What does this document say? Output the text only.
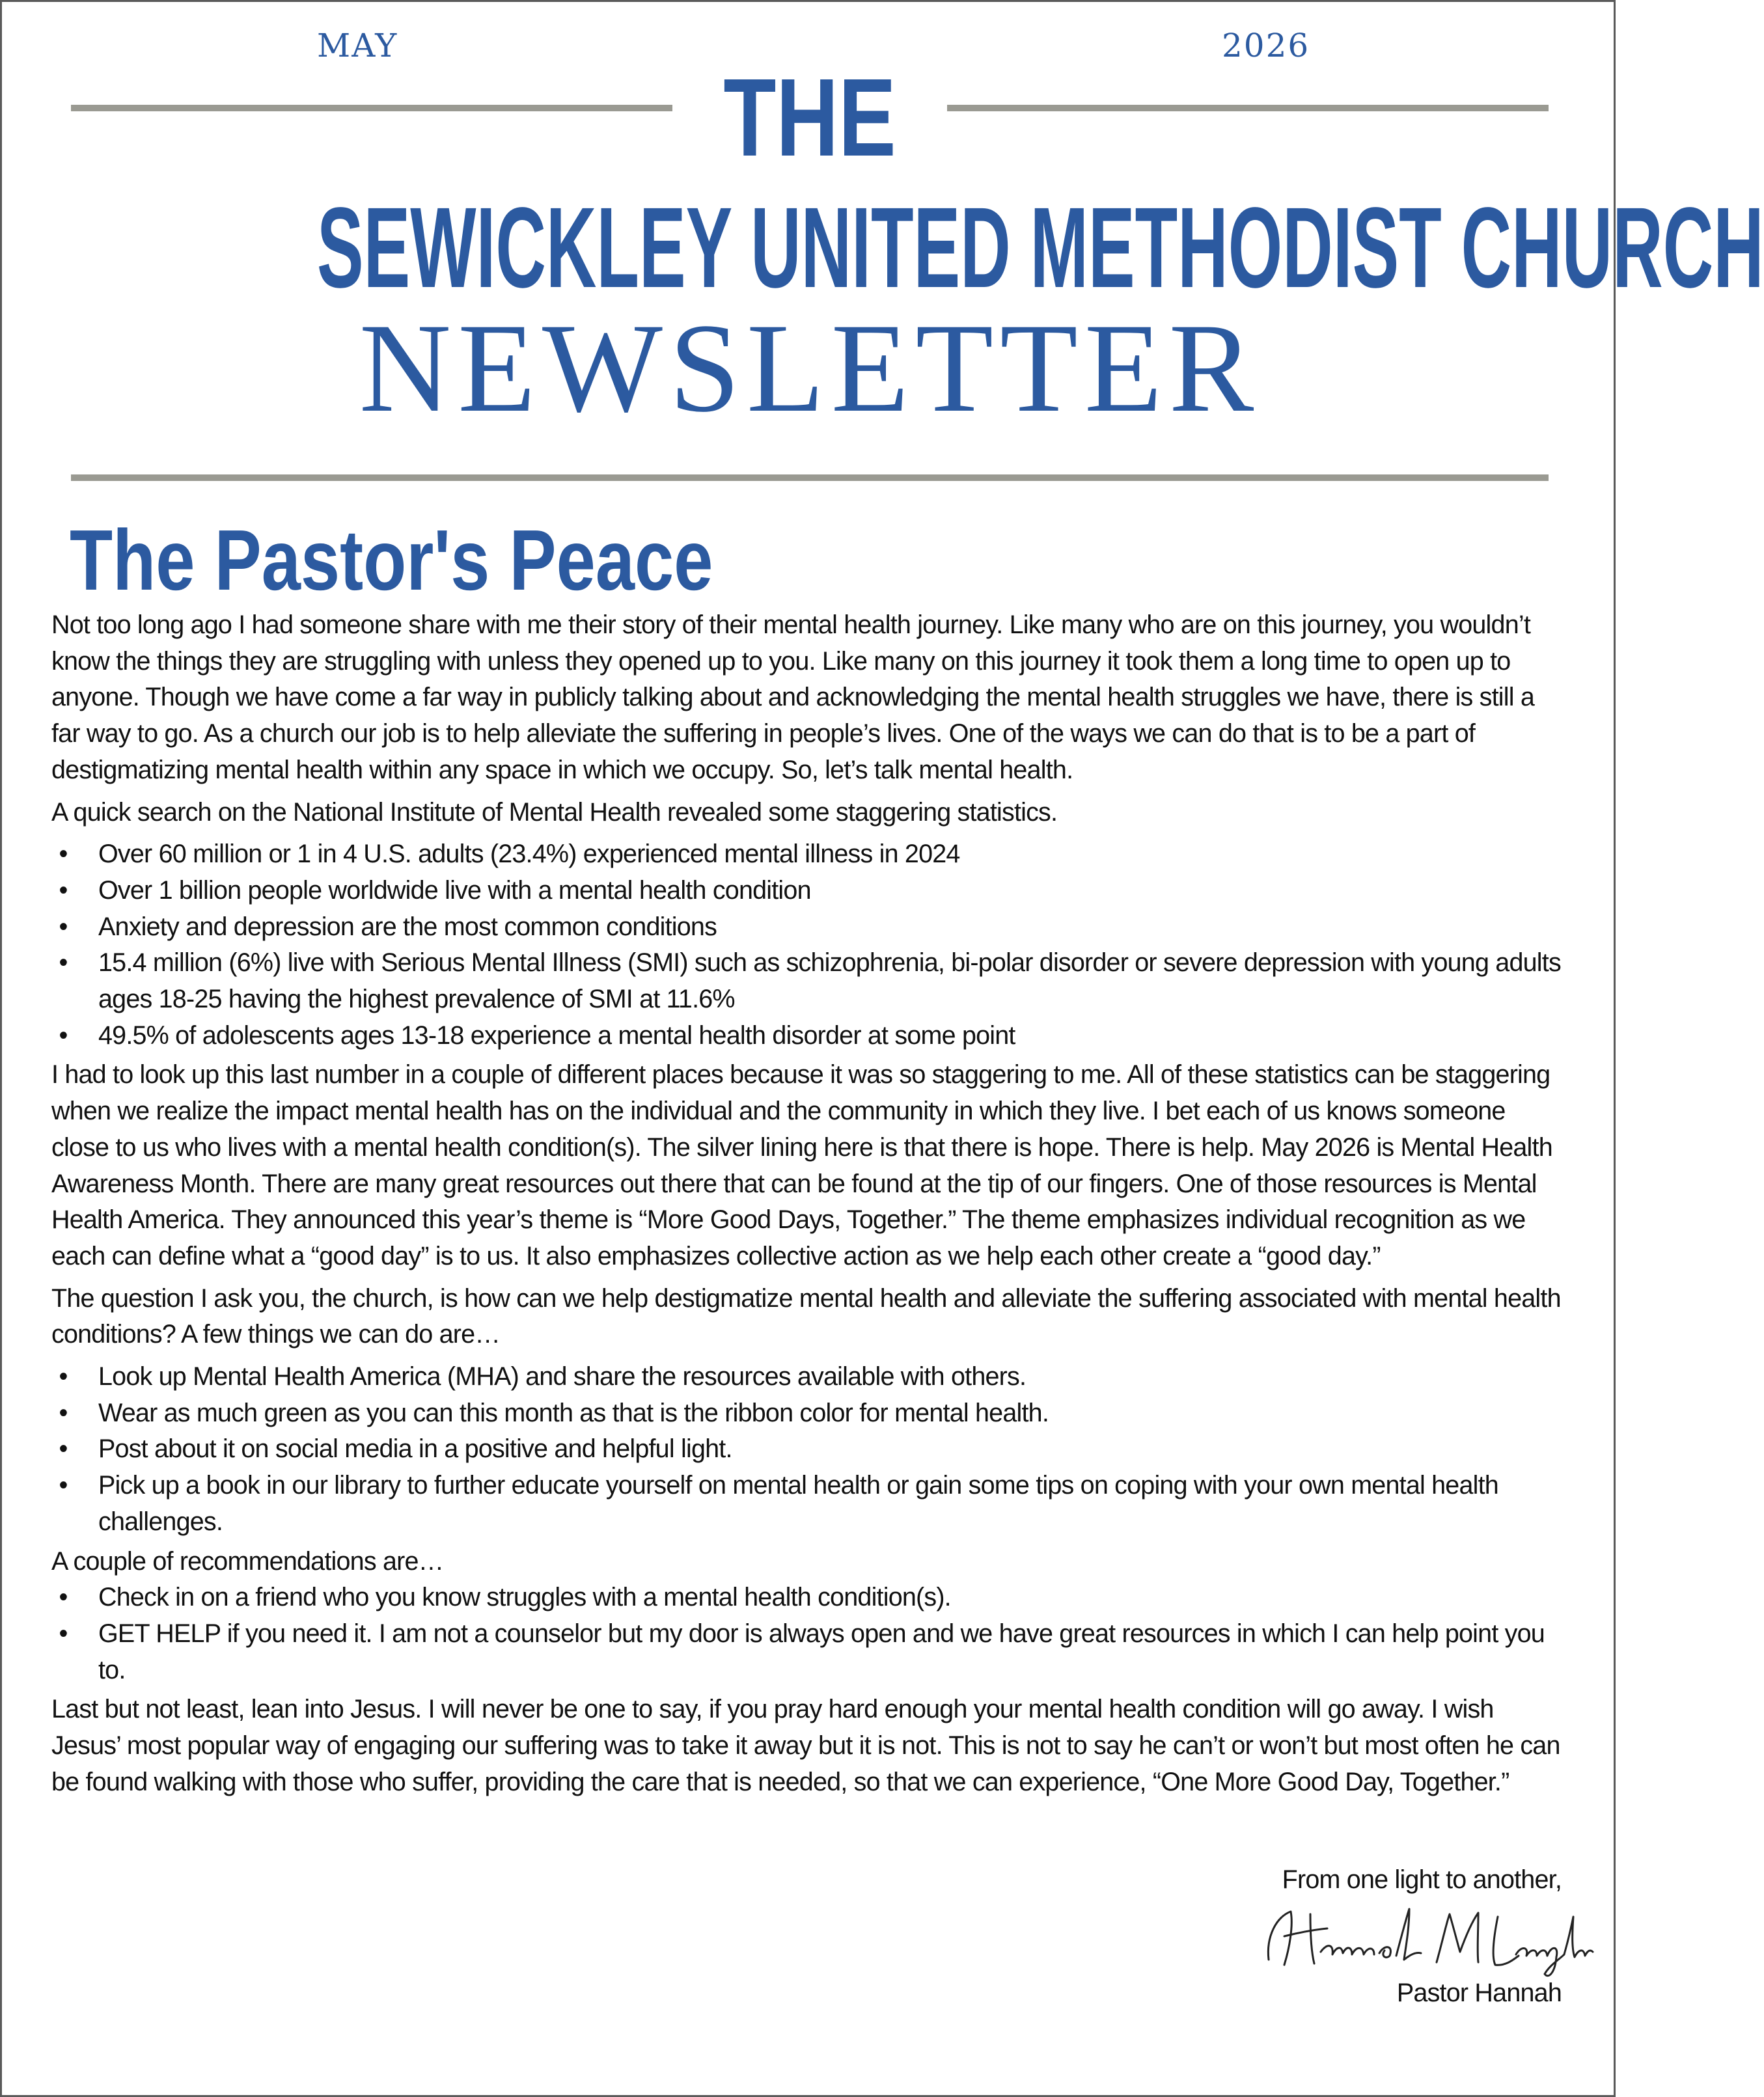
MAY	2026
THE
SEWICKLEY UNITED METHODIST CHURCH
NEWSLETTER
The Pastor's Peace

Not too long ago I had someone share with me their story of their mental health journey. Like many who are on this journey, you wouldn’t know the things they are struggling with unless they opened up to you. Like many on this journey it took them a long time to open up to anyone. Though we have come a far way in publicly talking about and acknowledging the mental health struggles we have, there is still a far way to go. As a church our job is to help alleviate the suffering in people’s lives. One of the ways we can do that is to be a part of destigmatizing mental health within any space in which we occupy. So, let’s talk mental health.

A quick search on the National Institute of Mental Health revealed some staggering statistics.

• Over 60 million or 1 in 4 U.S. adults (23.4%) experienced mental illness in 2024
• Over 1 billion people worldwide live with a mental health condition
• Anxiety and depression are the most common conditions
• 15.4 million (6%) live with Serious Mental Illness (SMI) such as schizophrenia, bi-polar disorder or severe depression with young adults ages 18-25 having the highest prevalence of SMI at 11.6%
• 49.5% of adolescents ages 13-18 experience a mental health disorder at some point

I had to look up this last number in a couple of different places because it was so staggering to me. All of these statistics can be staggering when we realize the impact mental health has on the individual and the community in which they live. I bet each of us knows someone close to us who lives with a mental health condition(s). The silver lining here is that there is hope. There is help. May 2026 is Mental Health Awareness Month. There are many great resources out there that can be found at the tip of our fingers. One of those resources is Mental Health America. They announced this year’s theme is “More Good Days, Together.” The theme emphasizes individual recognition as we each can define what a “good day” is to us. It also emphasizes collective action as we help each other create a “good day.”

The question I ask you, the church, is how can we help destigmatize mental health and alleviate the suffering associated with mental health conditions? A few things we can do are…

• Look up Mental Health America (MHA) and share the resources available with others.
• Wear as much green as you can this month as that is the ribbon color for mental health.
• Post about it on social media in a positive and helpful light.
• Pick up a book in our library to further educate yourself on mental health or gain some tips on coping with your own mental health challenges.

A couple of recommendations are…

• Check in on a friend who you know struggles with a mental health condition(s).
• GET HELP if you need it. I am not a counselor but my door is always open and we have great resources in which I can help point you to.

Last but not least, lean into Jesus. I will never be one to say, if you pray hard enough your mental health condition will go away. I wish Jesus’ most popular way of engaging our suffering was to take it away but it is not. This is not to say he can’t or won’t but most often he can be found walking with those who suffer, providing the care that is needed, so that we can experience, “One More Good Day, Together.”

From one light to another,
Pastor Hannah
